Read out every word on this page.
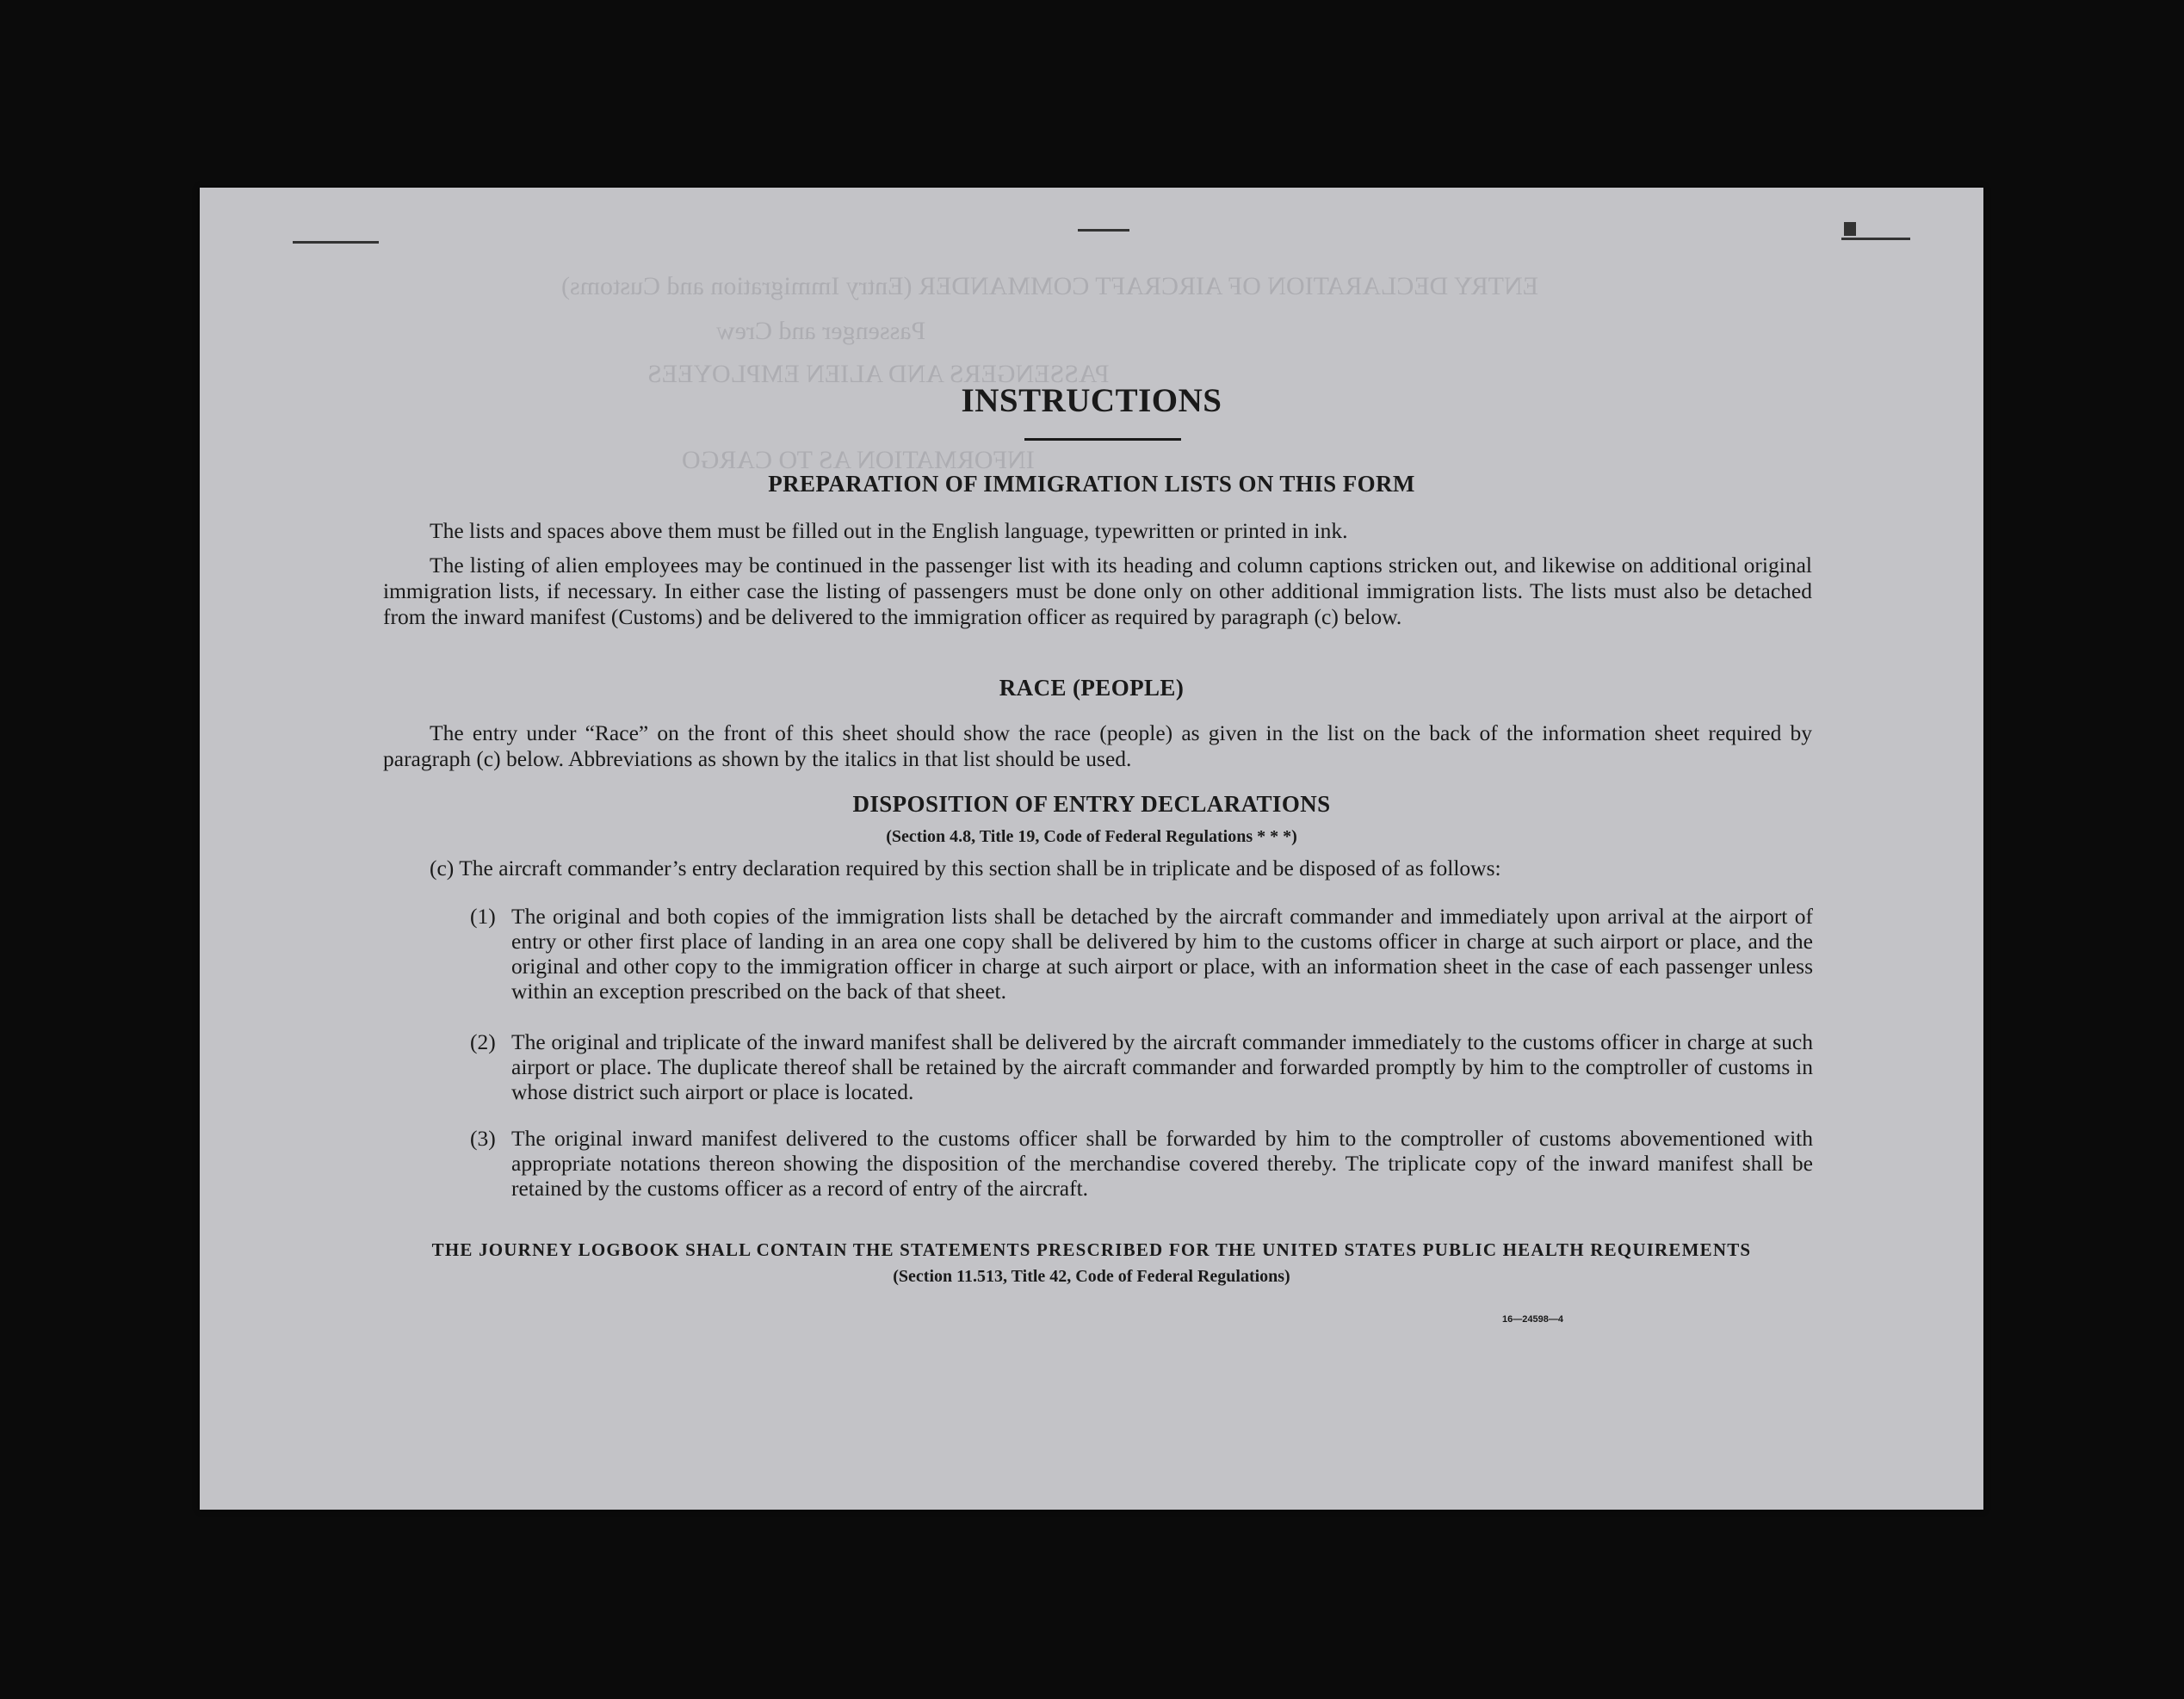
ENTRY DECLARATION OF AIRCRAFT COMMANDER (Entry Immigration and Customs)
Passenger and Crew
PASSENGERS AND ALIEN EMPLOYEES
INFORMATION AS TO CARGO
INSTRUCTIONS
PREPARATION OF IMMIGRATION LISTS ON THIS FORM
The lists and spaces above them must be filled out in the English language, typewritten or printed in ink.
The listing of alien employees may be continued in the passenger list with its heading and column captions stricken out, and likewise on additional original immigration lists, if necessary. In either case the listing of passengers must be done only on other additional immigration lists. The lists must also be detached from the inward manifest (Customs) and be delivered to the immigration officer as required by paragraph (c) below.
RACE (PEOPLE)
The entry under “Race” on the front of this sheet should show the race (people) as given in the list on the back of the information sheet required by paragraph (c) below. Abbreviations as shown by the italics in that list should be used.
DISPOSITION OF ENTRY DECLARATIONS
(Section 4.8, Title 19, Code of Federal Regulations * * *)
(c) The aircraft commander’s entry declaration required by this section shall be in triplicate and be disposed of as follows:
(1) The original and both copies of the immigration lists shall be detached by the aircraft commander and immediately upon arrival at the airport of entry or other first place of landing in an area one copy shall be delivered by him to the customs officer in charge at such airport or place, and the original and other copy to the immigration officer in charge at such airport or place, with an information sheet in the case of each passenger unless within an exception prescribed on the back of that sheet.
(2) The original and triplicate of the inward manifest shall be delivered by the aircraft commander immediately to the customs officer in charge at such airport or place. The duplicate thereof shall be retained by the aircraft commander and forwarded promptly by him to the comptroller of customs in whose district such airport or place is located.
(3) The original inward manifest delivered to the customs officer shall be forwarded by him to the comptroller of customs abovementioned with appropriate notations thereon showing the disposition of the merchandise covered thereby. The triplicate copy of the inward manifest shall be retained by the customs officer as a record of entry of the aircraft.
THE JOURNEY LOGBOOK SHALL CONTAIN THE STATEMENTS PRESCRIBED FOR THE UNITED STATES PUBLIC HEALTH REQUIREMENTS
(Section 11.513, Title 42, Code of Federal Regulations)
16—24598—4
